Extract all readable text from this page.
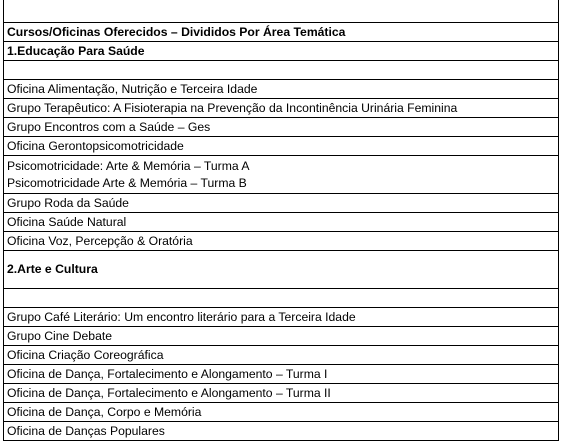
Cursos/Oficinas Oferecidos – Divididos Por Área Temática
1.Educação Para Saúde

Oficina Alimentação, Nutrição e Terceira Idade
Grupo Terapêutico: A Fisioterapia na Prevenção da Incontinência Urinária Feminina
Grupo Encontros com a Saúde – Ges
Oficina Gerontopsicomotricidade

Psicomotricidade: Arte & Memória – Turma A
Psicomotricidade Arte & Memória – Turma B

Grupo Roda da Saúde
Oficina Saúde Natural
Oficina Voz, Percepção & Oratória
2.Arte e Cultura

Grupo Café Literário: Um encontro literário para a Terceira Idade
Grupo Cine Debate
Oficina Criação Coreográfica
Oficina de Dança, Fortalecimento e Alongamento – Turma I
Oficina de Dança, Fortalecimento e Alongamento – Turma II
Oficina de Dança, Corpo e Memória
Oficina de Danças Populares
